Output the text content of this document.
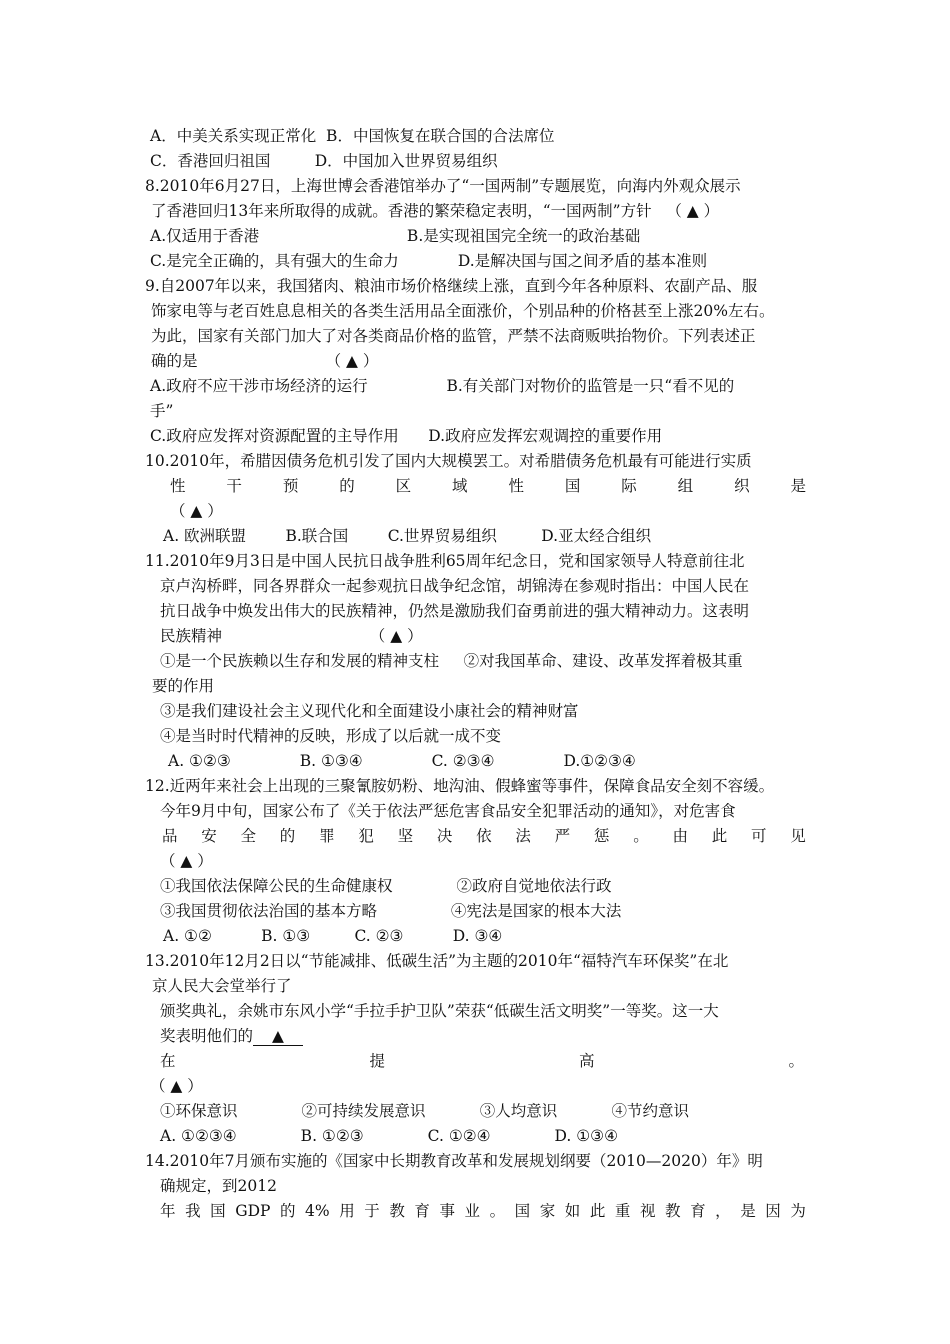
A．中美关系实现正常化  B．中国恢复在联合国的合法席位
C．香港回归祖国         D．中国加入世界贸易组织
8.2010年6月27日，上海世博会香港馆举办了“一国两制”专题展览，向海内外观众展示
了香港回归13年来所取得的成就。香港的繁荣稳定表明，“一国两制”方针   （ ▲ ）
A.仅适用于香港                              B.是实现祖国完全统一的政治基础
C.是完全正确的，具有强大的生命力            D.是解决国与国之间矛盾的基本准则
9.自2007年以来，我国猪肉、粮油市场价格继续上涨，直到今年各种原料、农副产品、服
饰家电等与老百姓息息相关的各类生活用品全面涨价，个别品种的价格甚至上涨20%左右。
为此，国家有关部门加大了对各类商品价格的监管，严禁不法商贩哄抬物价。下列表述正
确的是                          （ ▲ ）
A.政府不应干涉市场经济的运行                B.有关部门对物价的监管是一只“看不见的
手”
C.政府应发挥对资源配置的主导作用      D.政府应发挥宏观调控的重要作用
10.2010年，希腊因债务危机引发了国内大规模罢工。对希腊债务危机最有可能进行实质
性	干	预	的	区	域	性	国	际	组	织	是
（ ▲ ）
A. 欧洲联盟        B.联合国        C.世界贸易组织         D.亚太经合组织
11.2010年9月3日是中国人民抗日战争胜利65周年纪念日，党和国家领导人特意前往北
京卢沟桥畔，同各界群众一起参观抗日战争纪念馆，胡锦涛在参观时指出：中国人民在
抗日战争中焕发出伟大的民族精神，仍然是激励我们奋勇前进的强大精神动力。这表明
民族精神                              （ ▲ ）
①是一个民族赖以生存和发展的精神支柱     ②对我国革命、建设、改革发挥着极其重
要的作用
③是我们建设社会主义现代化和全面建设小康社会的精神财富
④是当时时代精神的反映，形成了以后就一成不变
A. ①②③              B. ①③④              C. ②③④              D.①②③④
12.近两年来社会上出现的三聚氰胺奶粉、地沟油、假蜂蜜等事件，保障食品安全刻不容缓。
今年9月中旬，国家公布了《关于依法严惩危害食品安全犯罪活动的通知》，对危害食
品 安 全 的 罪 犯 坚 决 依 法 严 惩 。 由 此 可 见
（ ▲ ）
①我国依法保障公民的生命健康权             ②政府自觉地依法行政
③我国贯彻依法治国的基本方略               ④宪法是国家的根本大法
A. ①②          B. ①③         C. ②③          D. ③④
13.2010年12月2日以“节能减排、低碳生活”为主题的2010年“福特汽车环保奖”在北
京人民大会堂举行了
颁奖典礼，余姚市东风小学“手拉手护卫队”荣获“低碳生活文明奖”一等奖。这一大
奖表明他们的 ▲
在	提	高	。
（ ▲ ）
①环保意识             ②可持续发展意识           ③人均意识           ④节约意识
A. ①②③④             B. ①②③             C. ①②④             D. ①③④
14.2010年7月颁布实施的《国家中长期教育改革和发展规划纲要（2010—2020）年》明
确规定，到2012
年 我 国 GDP 的 4% 用 于 教 育 事 业 。 国 家 如 此 重 视 教 育 ， 是 因 为
